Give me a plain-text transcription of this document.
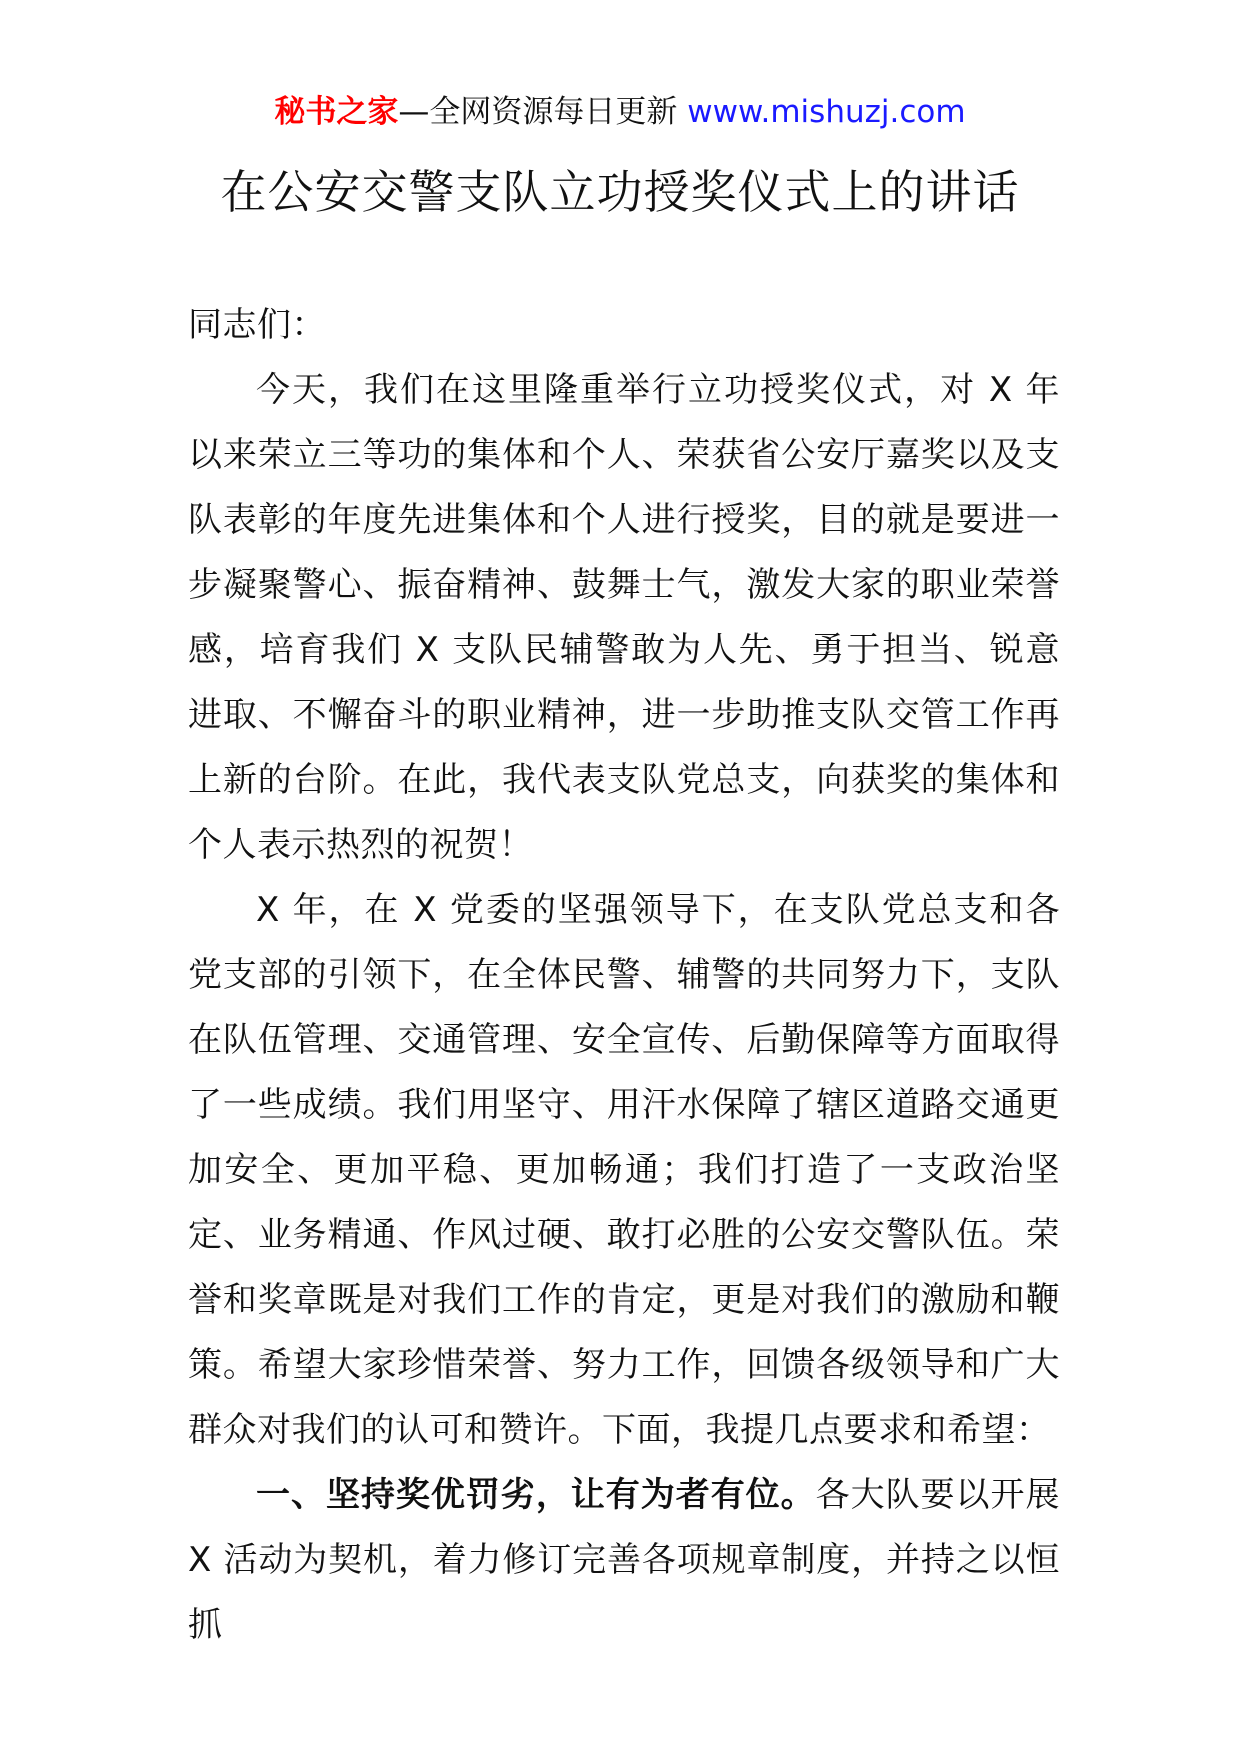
秘书之家—全网资源每日更新 www.mishuzj.com
在公安交警支队立功授奖仪式上的讲话

同志们：

今天，我们在这里隆重举行立功授奖仪式，对 X 年以来荣立三等功的集体和个人、荣获省公安厅嘉奖以及支队表彰的年度先进集体和个人进行授奖，目的就是要进一步凝聚警心、振奋精神、鼓舞士气，激发大家的职业荣誉感，培育我们 X 支队民辅警敢为人先、勇于担当、锐意进取、不懈奋斗的职业精神，进一步助推支队交管工作再上新的台阶。在此，我代表支队党总支，向获奖的集体和个人表示热烈的祝贺！

X 年，在 X 党委的坚强领导下，在支队党总支和各党支部的引领下，在全体民警、辅警的共同努力下，支队在队伍管理、交通管理、安全宣传、后勤保障等方面取得了一些成绩。我们用坚守、用汗水保障了辖区道路交通更加安全、更加平稳、更加畅通；我们打造了一支政治坚定、业务精通、作风过硬、敢打必胜的公安交警队伍。荣誉和奖章既是对我们工作的肯定，更是对我们的激励和鞭策。希望大家珍惜荣誉、努力工作，回馈各级领导和广大群众对我们的认可和赞许。下面，我提几点要求和希望：

一、坚持奖优罚劣，让有为者有位。各大队要以开展 X 活动为契机，着力修订完善各项规章制度，并持之以恒抓
